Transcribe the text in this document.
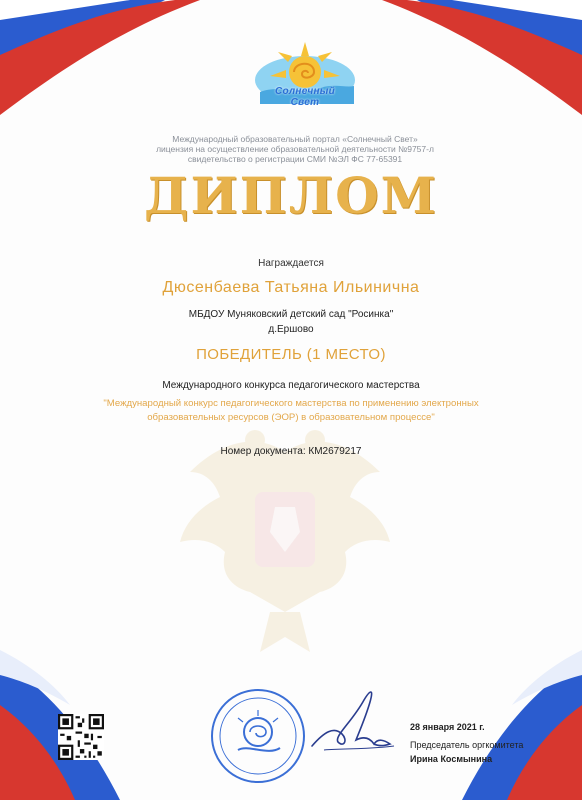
Солнечный Свет
Международный образовательный портал «Солнечный Свет»
лицензия на осуществление образовательной деятельности №9757-л
свидетельство о регистрации СМИ №ЭЛ ФС 77-65391
ДИПЛОМ
Награждается
Дюсенбаева Татьяна Ильинична
МБДОУ Муняковский детский сад "Росинка"
д.Ершово
ПОБЕДИТЕЛЬ (1 МЕСТО)
Международного конкурса педагогического мастерства
"Международный конкурс педагогического мастерства по применению электронных образовательных ресурсов (ЭОР) в образовательном процессе"
Номер документа: КМ2679217
28 января 2021 г.
Председатель оргкомитета
Ирина Космынина
